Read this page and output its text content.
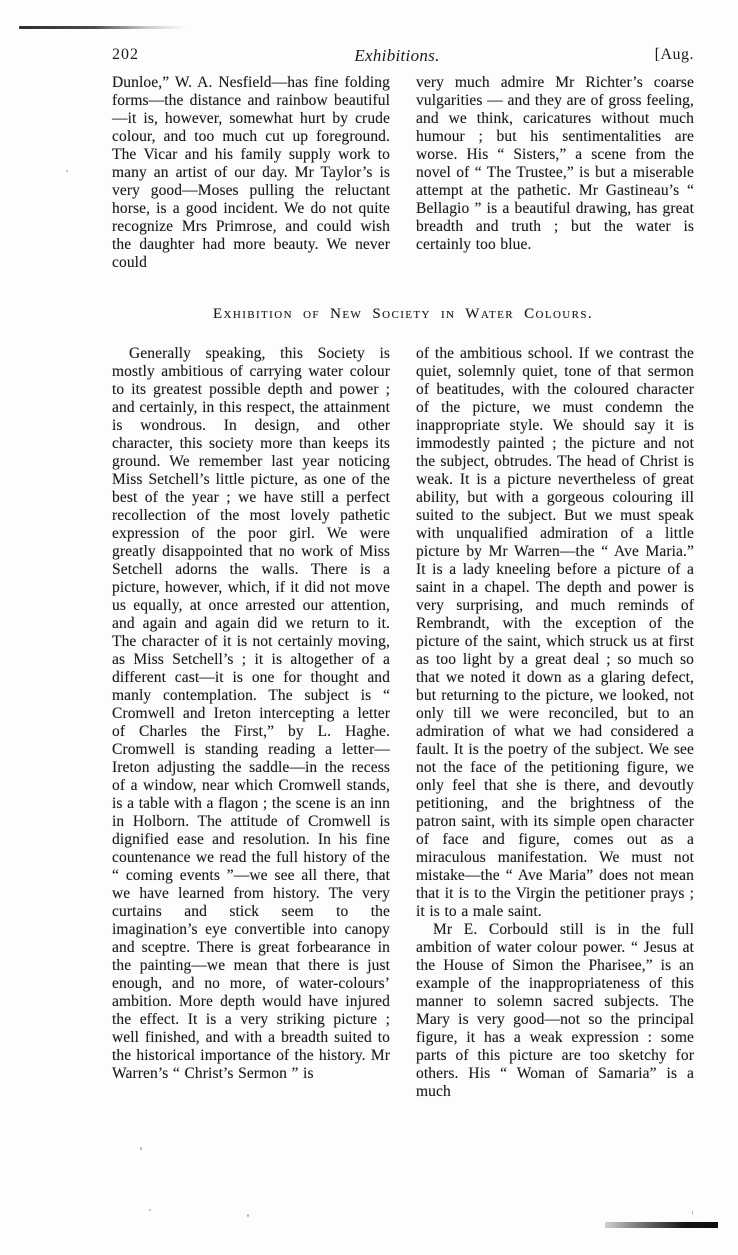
202	Exhibitions.	[Aug.

Dunloe,” W. A. Nesfield—has fine folding forms—the distance and rainbow beautiful—it is, however, somewhat hurt by crude colour, and too much cut up foreground. The Vicar and his family supply work to many an artist of our day. Mr Taylor’s is very good—Moses pulling the reluctant horse, is a good incident. We do not quite recognize Mrs Primrose, and could wish the daughter had more beauty. We never could

very much admire Mr Richter’s coarse vulgarities — and they are of gross feeling, and we think, caricatures without much humour ; but his sentimentalities are worse. His “ Sisters,” a scene from the novel of “ The Trustee,” is but a miserable attempt at the pathetic. Mr Gastineau’s “ Bellagio ” is a beautiful drawing, has great breadth and truth ; but the water is certainly too blue.

Exhibition of New Society in Water Colours.

Generally speaking, this Society is mostly ambitious of carrying water colour to its greatest possible depth and power ; and certainly, in this respect, the attainment is wondrous. In design, and other character, this society more than keeps its ground. We remember last year noticing Miss Setchell’s little picture, as one of the best of the year ; we have still a perfect recollection of the most lovely pathetic expression of the poor girl. We were greatly disappointed that no work of Miss Setchell adorns the walls. There is a picture, however, which, if it did not move us equally, at once arrested our attention, and again and again did we return to it. The character of it is not certainly moving, as Miss Setchell’s ; it is altogether of a different cast—it is one for thought and manly contemplation. The subject is “ Cromwell and Ireton intercepting a letter of Charles the First,” by L. Haghe. Cromwell is standing reading a letter—Ireton adjusting the saddle—in the recess of a window, near which Cromwell stands, is a table with a flagon ; the scene is an inn in Holborn. The attitude of Cromwell is dignified ease and resolution. In his fine countenance we read the full history of the “ coming events ”—we see all there, that we have learned from history. The very curtains and stick seem to the imagination’s eye convertible into canopy and sceptre. There is great forbearance in the painting—we mean that there is just enough, and no more, of water-colours’ ambition. More depth would have injured the effect. It is a very striking picture ; well finished, and with a breadth suited to the historical importance of the history. Mr Warren’s “ Christ’s Sermon ” is

of the ambitious school. If we contrast the quiet, solemnly quiet, tone of that sermon of beatitudes, with the coloured character of the picture, we must condemn the inappropriate style. We should say it is immodestly painted ; the picture and not the subject, obtrudes. The head of Christ is weak. It is a picture nevertheless of great ability, but with a gorgeous colouring ill suited to the subject. But we must speak with unqualified admiration of a little picture by Mr Warren—the “ Ave Maria.” It is a lady kneeling before a picture of a saint in a chapel. The depth and power is very surprising, and much reminds of Rembrandt, with the exception of the picture of the saint, which struck us at first as too light by a great deal ; so much so that we noted it down as a glaring defect, but returning to the picture, we looked, not only till we were reconciled, but to an admiration of what we had considered a fault. It is the poetry of the subject. We see not the face of the petitioning figure, we only feel that she is there, and devoutly petitioning, and the brightness of the patron saint, with its simple open character of face and figure, comes out as a miraculous manifestation. We must not mistake—the “ Ave Maria” does not mean that it is to the Virgin the petitioner prays ; it is to a male saint.

Mr E. Corbould still is in the full ambition of water colour power. “ Jesus at the House of Simon the Pharisee,” is an example of the inappropriateness of this manner to solemn sacred subjects. The Mary is very good—not so the principal figure, it has a weak expression : some parts of this picture are too sketchy for others. His “ Woman of Samaria” is a much
